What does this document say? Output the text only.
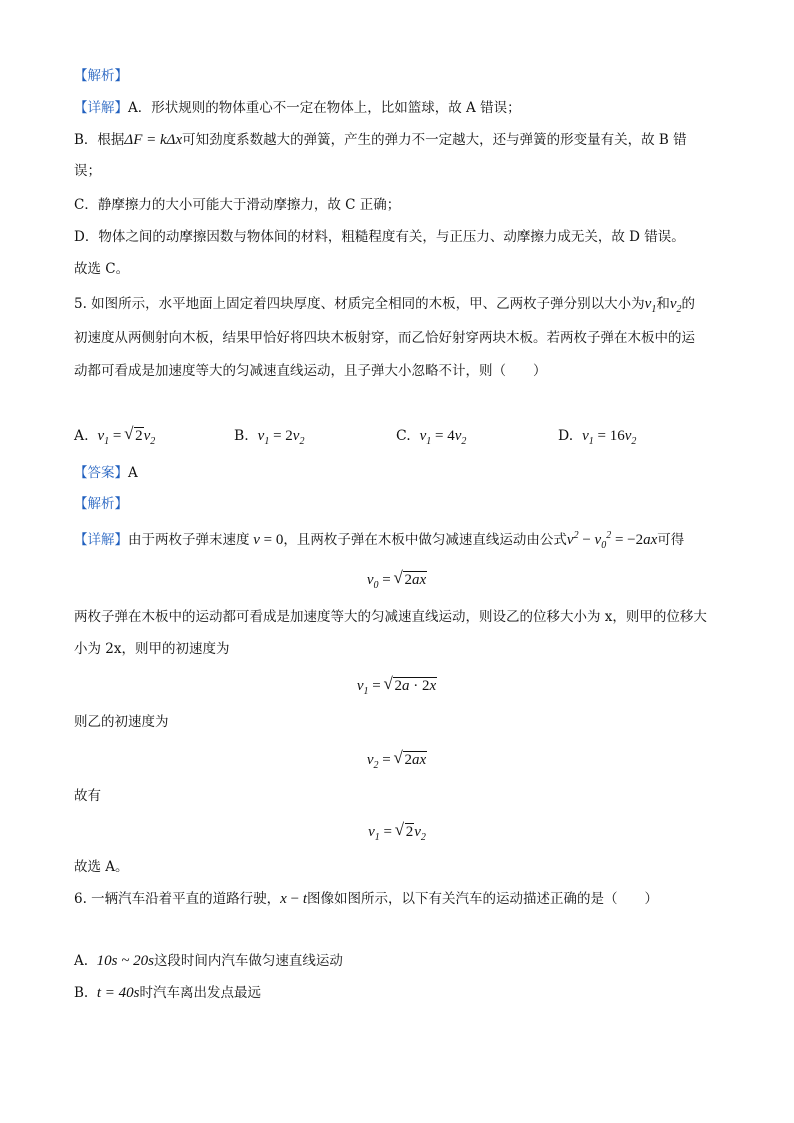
【解析】
【详解】A．形状规则的物体重心不一定在物体上，比如篮球，故 A 错误；
B．根据ΔF = kΔx可知劲度系数越大的弹簧，产生的弹力不一定越大，还与弹簧的形变量有关，故 B 错
误；
C．静摩擦力的大小可能大于滑动摩擦力，故 C 正确；
D．物体之间的动摩擦因数与物体间的材料，粗糙程度有关，与正压力、动摩擦力成无关，故 D 错误。
故选 C。
5. 如图所示，水平地面上固定着四块厚度、材质完全相同的木板，甲、乙两枚子弹分别以大小为$v_1$和$v_2$的
初速度从两侧射向木板，结果甲恰好将四块木板射穿，而乙恰好射穿两块木板。若两枚子弹在木板中的运
动都可看成是加速度等大的匀减速直线运动，且子弹大小忽略不计，则（　　）
A. $v_1$ = √ $2v_2$	B. $v_1 = 2v_2$	C. $v_1 = 4v_2$	D. $v_1 = 16v_2$
【答案】A
【解析】
【详解】由于两枚子弹末速度 v = 0，且两枚子弹在木板中做匀减速直线运动由公式$v^2 - v_0^2 = -2ax$可得
$v_0$ = √ 2ax
两枚子弹在木板中的运动都可看成是加速度等大的匀减速直线运动，则设乙的位移大小为 x，则甲的位移大
小为 2x，则甲的初速度为
$v_1$ = √ 2a · 2x
则乙的初速度为
$v_2$ = √ 2ax
故有
$v_1$ = √ $2v_2$
故选 A。
6. 一辆汽车沿着平直的道路行驶，x − t图像如图所示，以下有关汽车的运动描述正确的是（　　）
A. 10s ~ 20s这段时间内汽车做匀速直线运动
B. t = 40s时汽车离出发点最远
